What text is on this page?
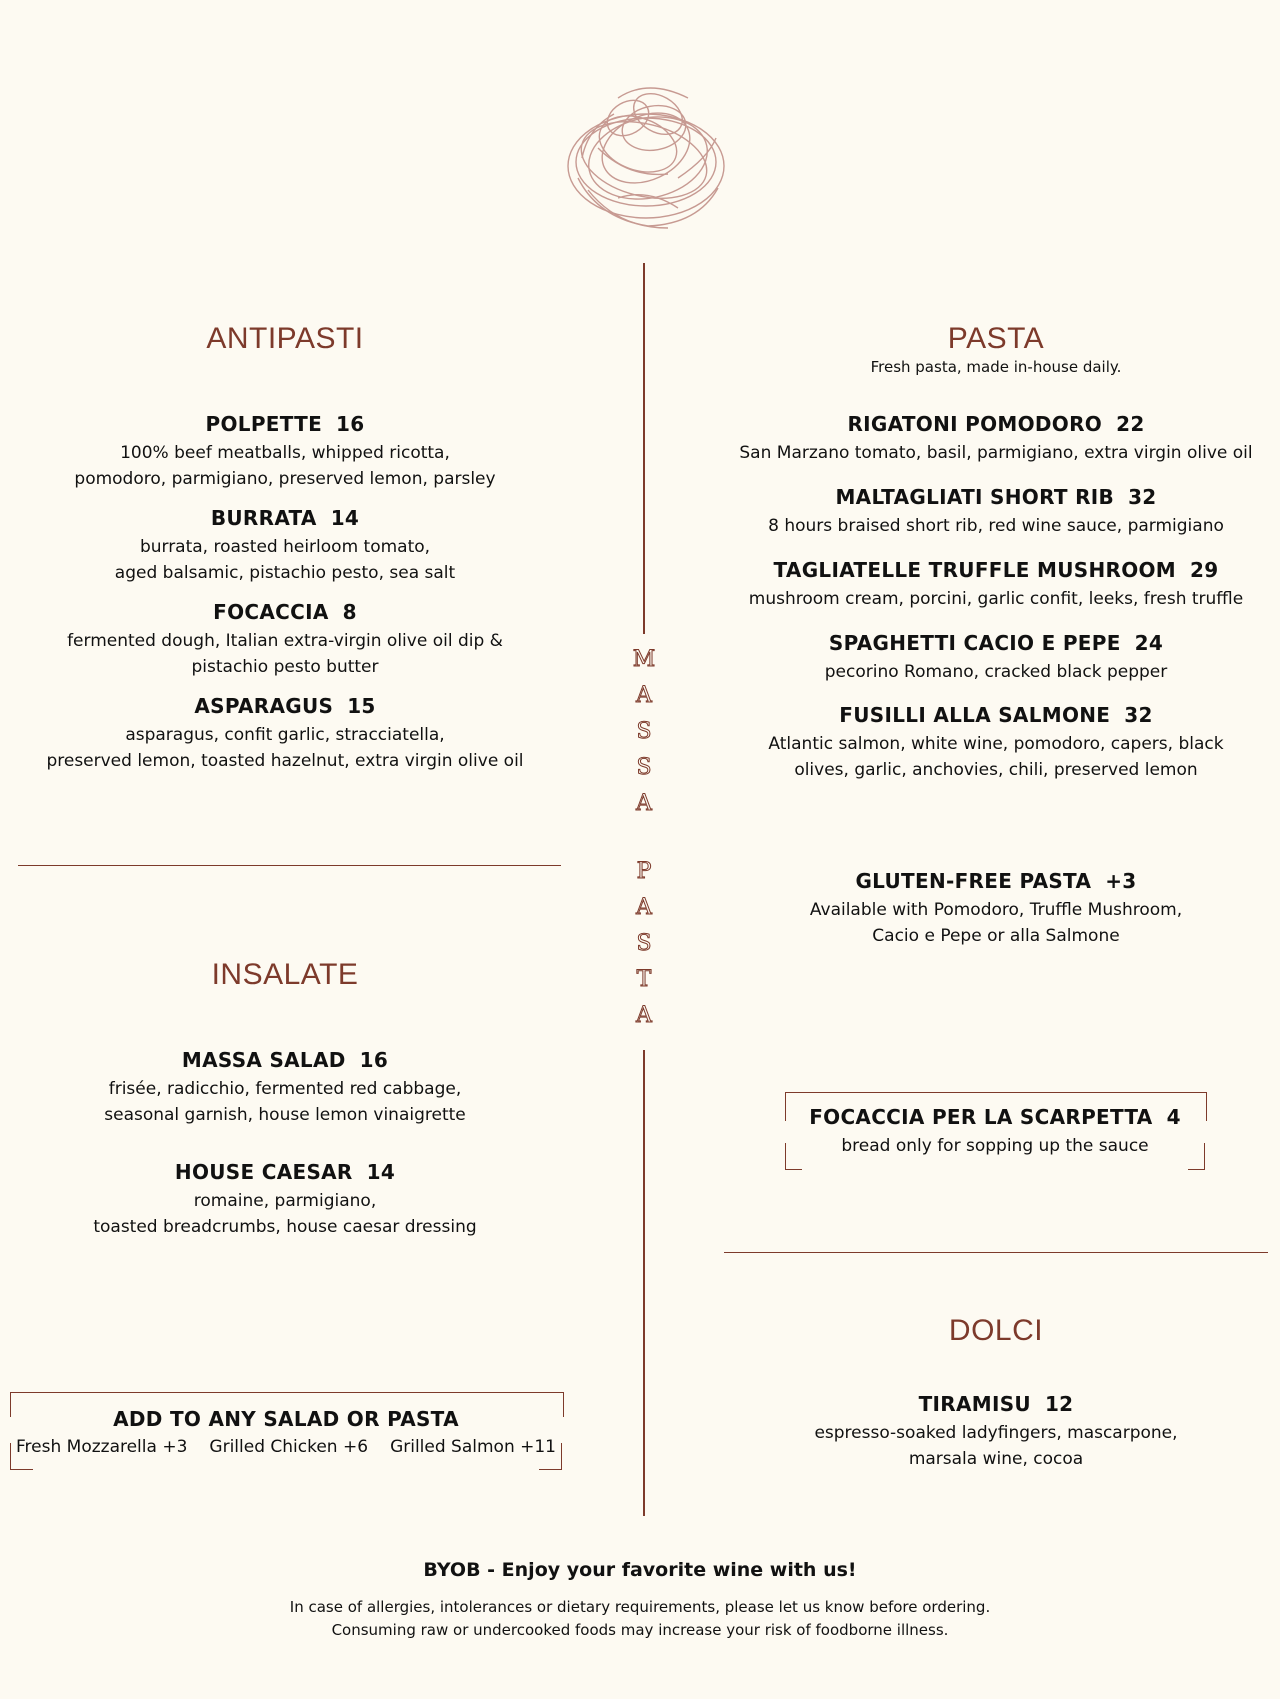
M
A
S
S
A
P
A
S
T
A
ANTIPASTI
POLPETTE 16
100% beef meatballs, whipped ricotta,
pomodoro, parmigiano, preserved lemon, parsley
BURRATA 14
burrata, roasted heirloom tomato,
aged balsamic, pistachio pesto, sea salt
FOCACCIA 8
fermented dough, Italian extra-virgin olive oil dip &
pistachio pesto butter
ASPARAGUS 15
asparagus, confit garlic, stracciatella,
preserved lemon, toasted hazelnut, extra virgin olive oil
INSALATE
MASSA SALAD 16
frisée, radicchio, fermented red cabbage,
seasonal garnish, house lemon vinaigrette
HOUSE CAESAR 14
romaine, parmigiano,
toasted breadcrumbs, house caesar dressing
ADD TO ANY SALAD OR PASTA
Fresh Mozzarella +3 Grilled Chicken +6 Grilled Salmon +11
PASTA
Fresh pasta, made in-house daily.
RIGATONI POMODORO 22
San Marzano tomato, basil, parmigiano, extra virgin olive oil
MALTAGLIATI SHORT RIB 32
8 hours braised short rib, red wine sauce, parmigiano
TAGLIATELLE TRUFFLE MUSHROOM 29
mushroom cream, porcini, garlic confit, leeks, fresh truffle
SPAGHETTI CACIO E PEPE 24
pecorino Romano, cracked black pepper
FUSILLI ALLA SALMONE 32
Atlantic salmon, white wine, pomodoro, capers, black
olives, garlic, anchovies, chili, preserved lemon
GLUTEN-FREE PASTA +3
Available with Pomodoro, Truffle Mushroom,
Cacio e Pepe or alla Salmone
FOCACCIA PER LA SCARPETTA 4
bread only for sopping up the sauce
DOLCI
TIRAMISU 12
espresso-soaked ladyfingers, mascarpone,
marsala wine, cocoa
BYOB - Enjoy your favorite wine with us!
In case of allergies, intolerances or dietary requirements, please let us know before ordering.
Consuming raw or undercooked foods may increase your risk of foodborne illness.
